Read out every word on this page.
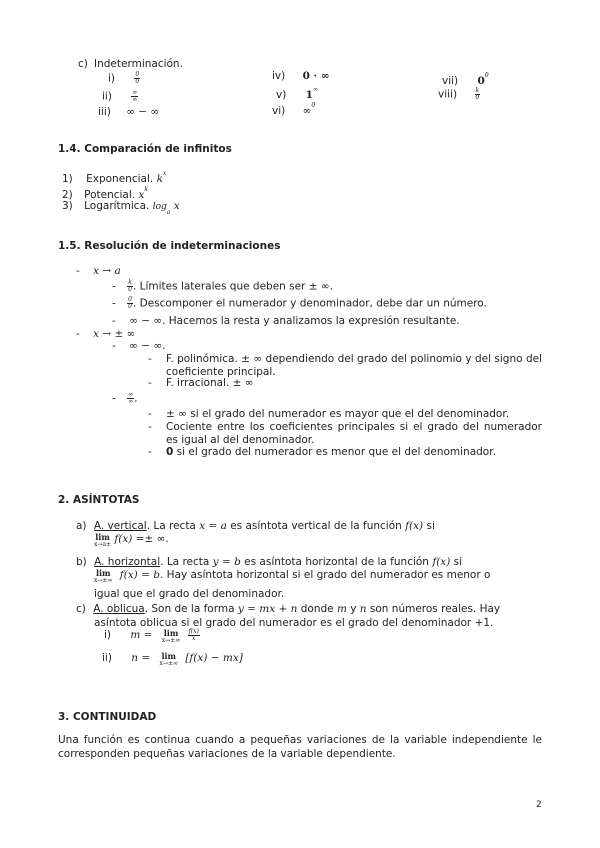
c) Indeterminación.
i)	$\frac{0}{0}$
ii)	$\frac{\infty}{\infty}$
iii) ∞ − ∞
iv) 0 · ∞
v) 1∞
vi) ∞$^0$
vii) $0^0$
viii)	$\frac{k}{0}$
1.4. Comparación de infinitos
1) Exponencial. $k^x$
2) Potencial. $x^k$
3) Logarítmica. $\log_a x$
1.5. Resolución de indeterminaciones
- x → a
- $\frac{k}{0}$ . Límites laterales que deben ser ± ∞.
- $\frac{0}{0}$ . Descomponer el numerador y denominador, debe dar un número.
- ∞ − ∞. Hacemos la resta y analizamos la expresión resultante.
- x → ± ∞
- ∞ − ∞.
- F. polinómica. ± ∞ dependiendo del grado del polinomio y del signo del coeficiente principal.
- F. irracional. ± ∞
- $\frac{\infty}{\infty}$ .
- ± ∞ si el grado del numerador es mayor que el del denominador.
- Cociente entre los coeficientes principales si el grado del numerador es igual al del denominador.
- 0 si el grado del numerador es menor que el del denominador.
2. ASÍNTOTAS
a) A. vertical. La recta x = a es asíntota vertical de la función f(x) si
lim
x→a± f(x) =± ∞.
b) A. horizontal. La recta y = b es asíntota horizontal de la función f(x) si
lim
x→±∞ f(x) = b. Hay asíntota horizontal si el grado del numerador es menor o
igual que el grado del denominador.
c) A. oblicua. Son de la forma y = mx + n donde m y n son números reales. Hay
asíntota oblicua si el grado del numerador es el grado del denominador +1.
i) m = lim
x→±∞
$\frac{f(x)}{x}$
ii) n = lim
x→±∞ [f(x) − mx]
3. CONTINUIDAD
Una función es continua cuando a pequeñas variaciones de la variable independiente le corresponden pequeñas variaciones de la variable dependiente.
2
